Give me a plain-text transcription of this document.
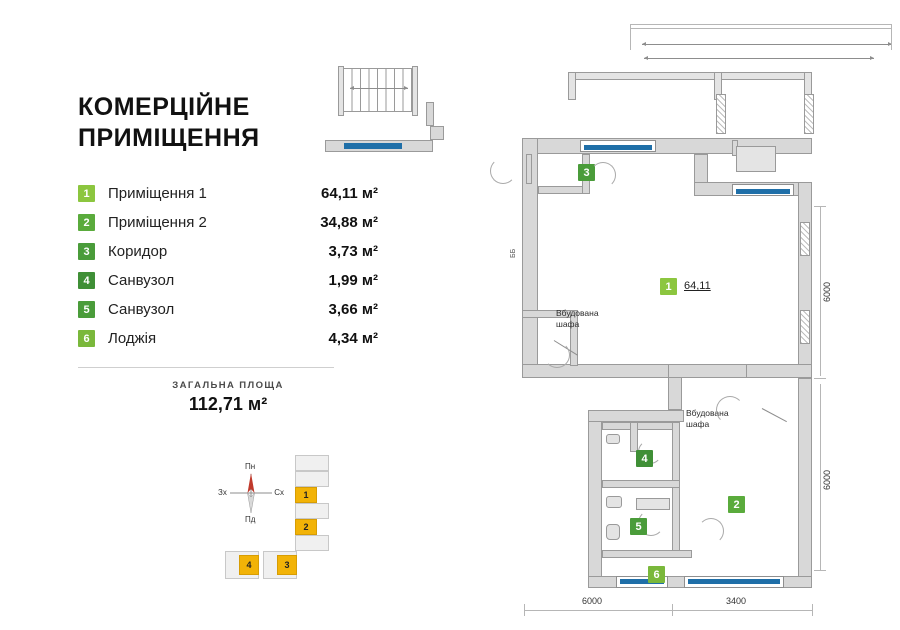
КОМЕРЦІЙНЕ
ПРИМІЩЕННЯ
1	Приміщення 1	64,11 м²
2	Приміщення 2	34,88 м²
3	Коридор	3,73 м²
4	Санвузол	1,99 м²
5	Санвузол	3,66 м²
6	Лоджія	4,34 м²
ЗАГАЛЬНА ПЛОЩА
112,71 м²
Пн
Пд
Зх	Сх	1
2
4	3
1	64,11
3
Вбудована
шафа
Вбудована
шафа
4
5
2
6
6000
6000
ББ
6000	3400
